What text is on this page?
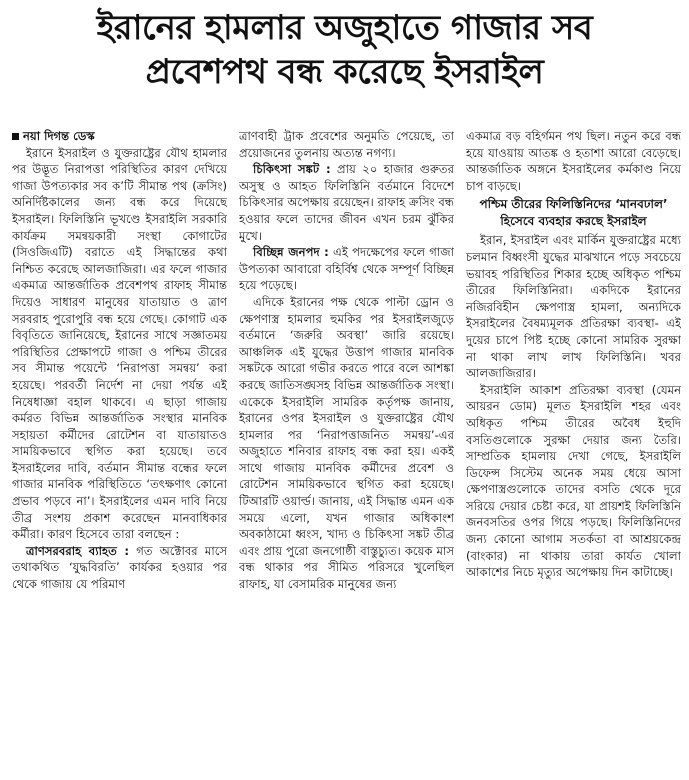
ইরানের হামলার অজুহাতে গাজার সব
প্রবেশপথ বন্ধ করেছে ইসরাইল

নয়া দিগন্ত ডেস্ক

ইরানে ইসরাইল ও যুক্তরাষ্ট্রের যৌথ হামলার পর উদ্ভূত নিরাপত্তা পরিস্থিতির কারণ দেখিয়ে গাজা উপত্যকার সব ক’টি সীমান্ত পথ (ক্রসিং) অনির্দিষ্টকালের জন্য বন্ধ করে দিয়েছে ইসরাইল। ফিলিস্তিনি ভূখণ্ডে ইসরাইলি সরকারি কার্যক্রম সমন্বয়কারী সংস্থা কোগাটের (সিওজিএটি) বরাতে এই সিদ্ধান্তের কথা নিশ্চিত করেছে আলজাজিরা। এর ফলে গাজার একমাত্র আন্তর্জাতিক প্রবেশপথ রাফাহ সীমান্ত দিয়েও সাধারণ মানুষের যাতায়াত ও ত্রাণ সরবরাহ পুরোপুরি বন্ধ হয়ে গেছে। কোগাট এক বিবৃতিতে জানিয়েছে, ইরানের সাথে সজ্ঞাতময় পরিস্থিতির প্রেক্ষাপটে গাজা ও পশ্চিম তীরের সব সীমান্ত পয়েন্টে ‘নিরাপত্তা সমন্বয়’ করা হয়েছে। পরবর্তী নির্দেশ না দেয়া পর্যন্ত এই নিষেধাজ্ঞা বহাল থাকবে। এ ছাড়া গাজায় কর্মরত বিভিন্ন আন্তর্জাতিক সংস্থার মানবিক সহায়তা কর্মীদের রোটেশন বা যাতায়াতও সাময়িকভাবে স্থগিত করা হয়েছে। তবে ইসরাইলের দাবি, বর্তমান সীমান্ত বন্ধের ফলে গাজার মানবিক পরিস্থিতিতে ‘তৎক্ষণাৎ কোনো প্রভাব পড়বে না’। ইসরাইলের এমন দাবি নিয়ে তীব্র সংশয় প্রকাশ করেছেন মানবাধিকার কর্মীরা। কারণ হিসেবে তারা বলছেন :

ত্রাণসরবরাহ ব্যাহত : গত অক্টোবর মাসে তথাকথিত ‘যুদ্ধবিরতি’ কার্যকর হওয়ার পর থেকে গাজায় যে পরিমাণ

ত্রাণবাহী ট্রাক প্রবেশের অনুমতি পেয়েছে, তা প্রয়োজনের তুলনায় অত্যন্ত নগণ্য।

চিকিৎসা সঙ্কট : প্রায় ২০ হাজার গুরুতর অসুস্থ ও আহত ফিলিস্তিনি বর্তমানে বিদেশে চিকিৎসার অপেক্ষায় রয়েছেন। রাফাহ ক্রসিং বন্ধ হওয়ার ফলে তাদের জীবন এখন চরম ঝুঁকির মুখে।

বিচ্ছিন্ন জনপদ : এই পদক্ষেপের ফলে গাজা উপত্যকা আবারো বহির্বিশ্ব থেকে সম্পূর্ণ বিচ্ছিন্ন হয়ে পড়েছে।

এদিকে ইরানের পক্ষ থেকে পাল্টা ড্রোন ও ক্ষেপণাস্ত্র হামলার হুমকির পর ইসরাইলজুড়ে বর্তমানে ‘জরুরি অবস্থা’ জারি রয়েছে। আঞ্চলিক এই যুদ্ধের উত্তাপ গাজার মানবিক সঙ্কটকে আরো গভীর করতে পারে বলে আশঙ্কা করছে জাতিসঙ্ঘসহ বিভিন্ন আন্তর্জাতিক সংস্থা। একেকে ইসরাইলি সামরিক কর্তৃপক্ষ জানায়, ইরানের ওপর ইসরাইল ও যুক্তরাষ্ট্রের যৌথ হামলার পর ‘নিরাপত্তাজনিত সমন্বয়’-এর অজুহাতে শনিবার রাফাহ বন্ধ করা হয়। একই সাথে গাজায় মানবিক কর্মীদের প্রবেশ ও রোটেশন সাময়িকভাবে স্থগিত করা হয়েছে। টিআরটি ওয়ার্ল্ড। জানায়, এই সিদ্ধান্ত এমন এক সময়ে এলো, যখন গাজার অধিকাংশ অবকাঠামো ধ্বংস, খাদ্য ও চিকিৎসা সঙ্কট তীব্র এবং প্রায় পুরো জনগোষ্ঠী বাস্তুচ্যুত। কয়েক মাস বন্ধ থাকার পর সীমিত পরিসরে খুলেছিল রাফাহ, যা বেসামরিক মানুষের জন্য

একমাত্র বড় বহির্গমন পথ ছিল। নতুন করে বন্ধ হয়ে যাওয়ায় আতঙ্ক ও হতাশা আরো বেড়েছে। আন্তর্জাতিক অঙ্গনে ইসরাইলের কর্মকাণ্ড নিয়ে চাপ বাড়ছে।

পশ্চিম তীরের ফিলিস্তিনিদের ‘মানবঢাল’ হিসেবে ব্যবহার করছে ইসরাইল

ইরান, ইসরাইল এবং মার্কিন যুক্তরাষ্ট্রের মধ্যে চলমান বিধ্বংসী যুদ্ধের মাঝখানে পড়ে সবচেয়ে ভয়াবহ পরিস্থিতির শিকার হচ্ছে অধিকৃত পশ্চিম তীরের ফিলিস্তিনিরা। একদিকে ইরানের নজিরবিহীন ক্ষেপণাস্ত্র হামলা, অন্যদিকে ইসরাইলের বৈষম্যমূলক প্রতিরক্ষা ব্যবস্থা- এই দুয়ের চাপে পিষ্ট হচ্ছে কোনো সামরিক সুরক্ষা না থাকা লাখ লাখ ফিলিস্তিনি। খবর আলজাজিরার।

ইসরাইলি আকাশ প্রতিরক্ষা ব্যবস্থা (যেমন আয়রন ডোম) মূলত ইসরাইলি শহর এবং অধিকৃত পশ্চিম তীরের অবৈধ ইহুদি বসতিগুলোকে সুরক্ষা দেয়ার জন্য তৈরি। সাম্প্রতিক হামলায় দেখা গেছে, ইসরাইলি ডিফেন্স সিস্টেম অনেক সময় ধেয়ে আসা ক্ষেপণাস্ত্রগুলোকে তাদের বসতি থেকে দূরে সরিয়ে দেয়ার চেষ্টা করে, যা প্রায়শই ফিলিস্তিনি জনবসতির ওপর গিয়ে পড়ছে। ফিলিস্তিনিদের জন্য কোনো আগাম সতর্কতা বা আশ্রয়কেন্দ্র (বাংকার) না থাকায় তারা কার্যত খোলা আকাশের নিচে মৃত্যুর অপেক্ষায় দিন কাটাচ্ছে।
